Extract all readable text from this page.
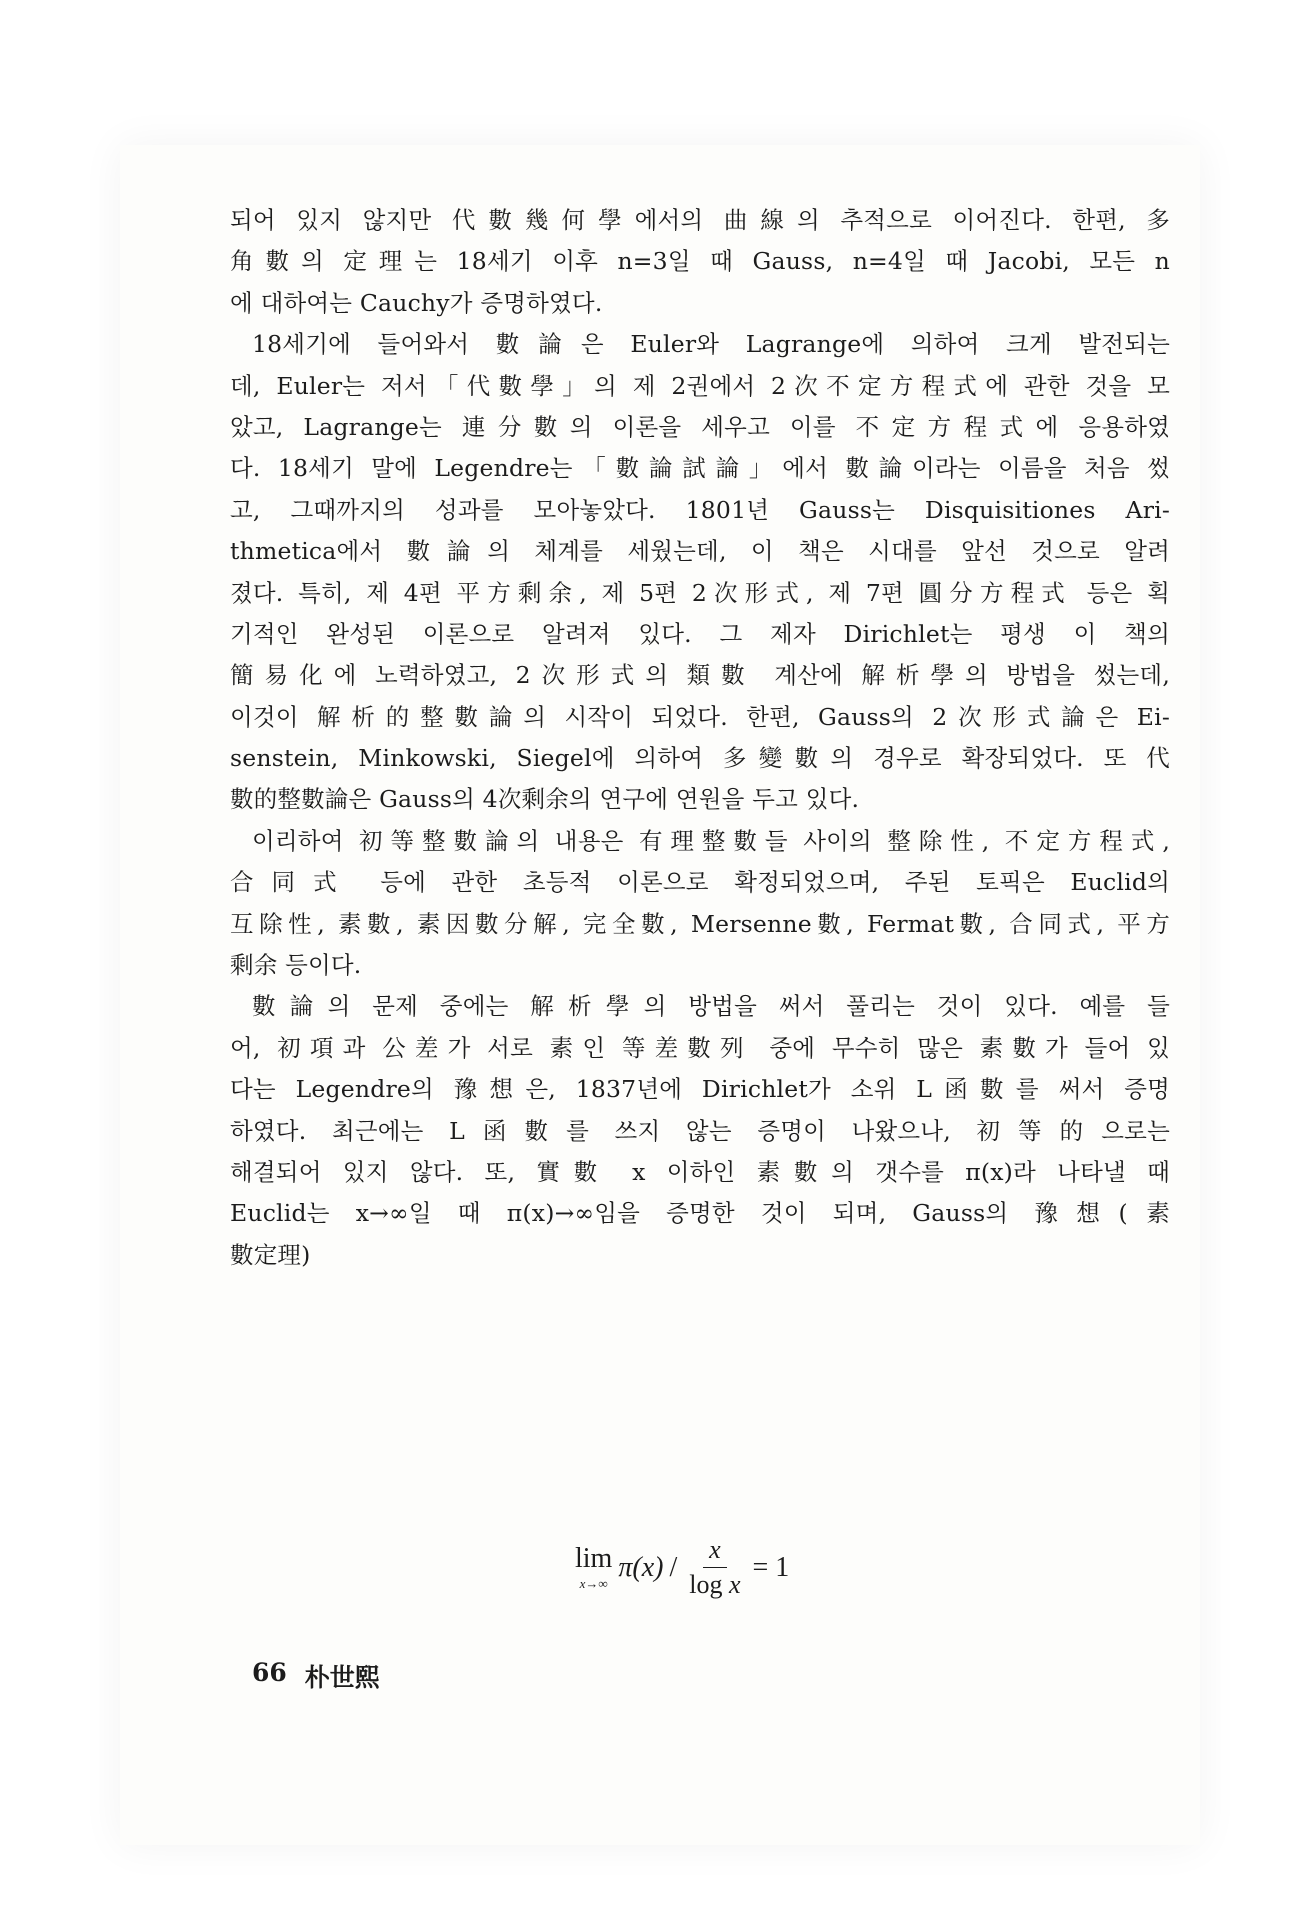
되어 있지 않지만 代數幾何學에서의 曲線의 추적으로 이어진다. 한편, 多
角數의 定理는 18세기 이후 n=3일 때 Gauss, n=4일 때 Jacobi, 모든 n
에 대하여는 Cauchy가 증명하였다.
18세기에 들어와서 數論은 Euler와 Lagrange에 의하여 크게 발전되는
데, Euler는 저서「代數學」의 제 2권에서 2次不定方程式에 관한 것을 모
았고, Lagrange는 連分數의 이론을 세우고 이를 不定方程式에 응용하였
다. 18세기 말에 Legendre는「數論試論」에서 數論이라는 이름을 처음 썼
고, 그때까지의 성과를 모아놓았다. 1801년 Gauss는 Disquisitiones Ari-
thmetica에서 數論의 체계를 세웠는데, 이 책은 시대를 앞선 것으로 알려
졌다. 특히, 제 4편 平方剩余, 제 5편 2次形式, 제 7편 圓分方程式 등은 획
기적인 완성된 이론으로 알려져 있다. 그 제자 Dirichlet는 평생 이 책의
簡易化에 노력하였고, 2次形式의 類數 계산에 解析學의 방법을 썼는데,
이것이 解析的整數論의 시작이 되었다. 한편, Gauss의 2次形式論은 Ei-
senstein, Minkowski, Siegel에 의하여 多變數의 경우로 확장되었다. 또 代
數的整數論은 Gauss의 4次剩余의 연구에 연원을 두고 있다.
이리하여 初等整數論의 내용은 有理整數들 사이의 整除性, 不定方程式,
合同式 등에 관한 초등적 이론으로 확정되었으며, 주된 토픽은 Euclid의
互除性, 素數, 素因數分解, 完全數, Mersenne數, Fermat數, 合同式, 平方
剩余 등이다.
數論의 문제 중에는 解析學의 방법을 써서 풀리는 것이 있다. 예를 들
어, 初項과 公差가 서로 素인 等差數列 중에 무수히 많은 素數가 들어 있
다는 Legendre의 豫想은, 1837년에 Dirichlet가 소위 L函數를 써서 증명
하였다. 최근에는 L函數를 쓰지 않는 증명이 나왔으나, 初等的으로는
해결되어 있지 않다. 또, 實數 x 이하인 素數의 갯수를 π(x)라 나타낼 때
Euclid는 x→∞일 때 π(x)→∞임을 증명한 것이 되며, Gauss의 豫想(素
數定理)
lim
x→∞
$\pi(x) / \frac{x}{\text{log x}} = 1$
66 朴世熙
